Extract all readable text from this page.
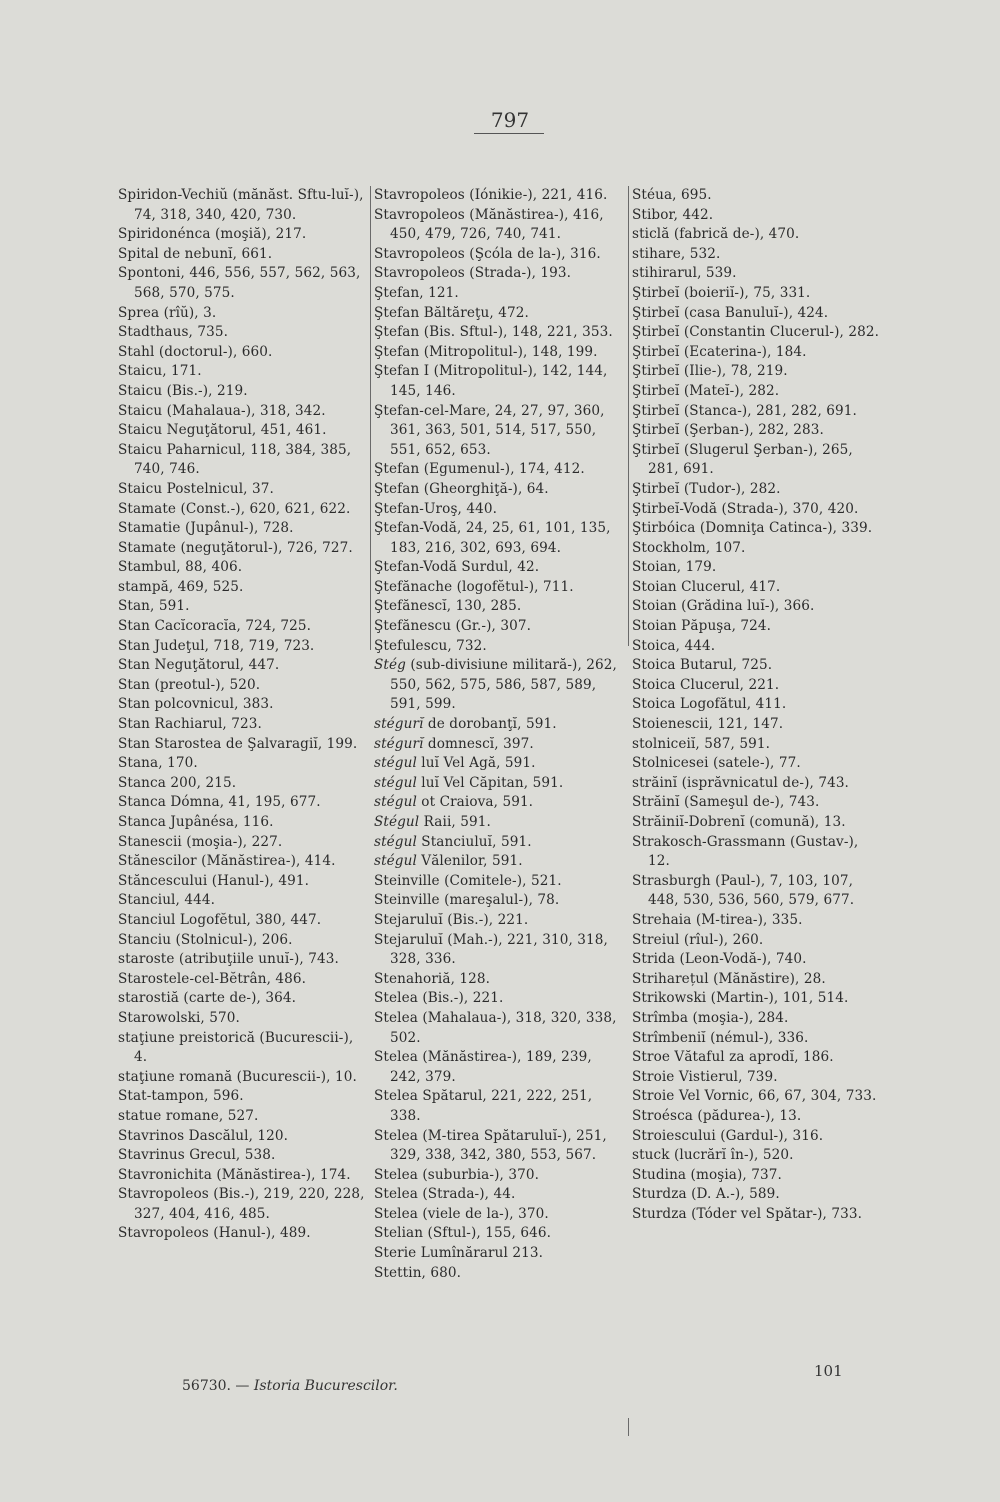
797
Spiridon-Vechiŭ (mănăst. Sftu-luĭ-), 74, 318, 340, 420, 730.
Spiridonénca (moşiă), 217.
Spital de nebunĭ, 661.
Spontoni, 446, 556, 557, 562, 563, 568, 570, 575.
Sprea (rîŭ), 3.
Stadthaus, 735.
Stahl (doctorul-), 660.
Staicu, 171.
Staicu (Bis.-), 219.
Staicu (Mahalaua-), 318, 342.
Staicu Neguţătorul, 451, 461.
Staicu Paharnicul, 118, 384, 385, 740, 746.
Staicu Postelnicul, 37.
Stamate (Const.-), 620, 621, 622.
Stamatie (Jupânul-), 728.
Stamate (neguţătorul-), 726, 727.
Stambul, 88, 406.
stampă, 469, 525.
Stan, 591.
Stan Cacĭcoracĭa, 724, 725.
Stan Judeţul, 718, 719, 723.
Stan Neguţătorul, 447.
Stan (preotul-), 520.
Stan polcovnicul, 383.
Stan Rachiarul, 723.
Stan Starostea de Şalvaragiĭ, 199.
Stana, 170.
Stanca 200, 215.
Stanca Dómna, 41, 195, 677.
Stanca Jupânésa, 116.
Stanescii (moşia-), 227.
Stănescilor (Mănăstirea-), 414.
Stăncescului (Hanul-), 491.
Stanciul, 444.
Stanciul Logofĕtul, 380, 447.
Stanciu (Stolnicul-), 206.
staroste (atribuţiile unuĭ-), 743.
Starostele-cel-Bĕtrân, 486.
starostiă (carte de-), 364.
Starowolski, 570.
staţiune preistorică (Bucurescii-), 4.
staţiune romană (Bucurescii-), 10.
Stat-tampon, 596.
statue romane, 527.
Stavrinos Dascălul, 120.
Stavrinus Grecul, 538.
Stavronichita (Mănăstirea-), 174.
Stavropoleos (Bis.-), 219, 220, 228, 327, 404, 416, 485.
Stavropoleos (Hanul-), 489.
Stavropoleos (Iónikie-), 221, 416.
Stavropoleos (Mănăstirea-), 416, 450, 479, 726, 740, 741.
Stavropoleos (Şcóla de la-), 316.
Stavropoleos (Strada-), 193.
Ştefan, 121.
Ştefan Băltăreţu, 472.
Ştefan (Bis. Sftul-), 148, 221, 353.
Ştefan (Mitropolitul-), 148, 199.
Ştefan I (Mitropolitul-), 142, 144, 145, 146.
Ştefan-cel-Mare, 24, 27, 97, 360, 361, 363, 501, 514, 517, 550, 551, 652, 653.
Ştefan (Egumenul-), 174, 412.
Ştefan (Gheorghiţă-), 64.
Ştefan-Uroş, 440.
Ştefan-Vodă, 24, 25, 61, 101, 135, 183, 216, 302, 693, 694.
Ştefan-Vodă Surdul, 42.
Ştefănache (logofĕtul-), 711.
Ştefănescĭ, 130, 285.
Ştefănescu (Gr.-), 307.
Ştefulescu, 732.
Stég (sub-divisiune militară-), 262, 550, 562, 575, 586, 587, 589, 591, 599.
stégurĭ de dorobanţĭ, 591.
stégurĭ domnescĭ, 397.
stégul luĭ Vel Agă, 591.
stégul luĭ Vel Căpitan, 591.
stégul ot Craiova, 591.
Stégul Raii, 591.
stégul Stanciuluĭ, 591.
stégul Vălenilor, 591.
Steinville (Comitele-), 521.
Steinville (mareşalul-), 78.
Stejaruluĭ (Bis.-), 221.
Stejaruluĭ (Mah.-), 221, 310, 318, 328, 336.
Stenahoriă, 128.
Stelea (Bis.-), 221.
Stelea (Mahalaua-), 318, 320, 338, 502.
Stelea (Mănăstirea-), 189, 239, 242, 379.
Stelea Spătarul, 221, 222, 251, 338.
Stelea (M-tirea Spătaruluĭ-), 251, 329, 338, 342, 380, 553, 567.
Stelea (suburbia-), 370.
Stelea (Strada-), 44.
Stelea (viele de la-), 370.
Stelian (Sftul-), 155, 646.
Sterie Lumînărarul 213.
Stettin, 680.
Stéua, 695.
Stibor, 442.
sticlă (fabrică de-), 470.
stihare, 532.
stihirarul, 539.
Ştirbeĭ (boieriĭ-), 75, 331.
Ştirbeĭ (casa Banuluĭ-), 424.
Ştirbeĭ (Constantin Clucerul-), 282.
Ştirbeĭ (Ecaterina-), 184.
Ştirbeĭ (Ilie-), 78, 219.
Ştirbeĭ (Mateĭ-), 282.
Ştirbeĭ (Stanca-), 281, 282, 691.
Ştirbeĭ (Şerban-), 282, 283.
Ştirbeĭ (Slugerul Şerban-), 265, 281, 691.
Ştirbeĭ (Tudor-), 282.
Ştirbeĭ-Vodă (Strada-), 370, 420.
Ştirbóica (Domniţa Catinca-), 339.
Stockholm, 107.
Stoian, 179.
Stoian Clucerul, 417.
Stoian (Grădina luĭ-), 366.
Stoian Păpuşa, 724.
Stoica, 444.
Stoica Butarul, 725.
Stoica Clucerul, 221.
Stoica Logofătul, 411.
Stoienescii, 121, 147.
stolniceiĭ, 587, 591.
Stolnicesei (satele-), 77.
străinĭ (isprăvnicatul de-), 743.
Străinĭ (Sameşul de-), 743.
Străiniĭ-Dobrenĭ (comună), 13.
Strakosch-Grassmann (Gustav-), 12.
Strasburgh (Paul-), 7, 103, 107, 448, 530, 536, 560, 579, 677.
Strehaia (M-tirea-), 335.
Streiul (rîul-), 260.
Strida (Leon-Vodă-), 740.
Striharețul (Mănăstire), 28.
Strikowski (Martin-), 101, 514.
Strîmba (moşia-), 284.
Strîmbeniĭ (némul-), 336.
Stroe Vătaful za aprodĭ, 186.
Stroie Vistierul, 739.
Stroie Vel Vornic, 66, 67, 304, 733.
Stroésca (pădurea-), 13.
Stroiescului (Gardul-), 316.
stuck (lucrărĭ în-), 520.
Studina (moşia), 737.
Sturdza (D. A.-), 589.
Sturdza (Tóder vel Spătar-), 733.
56730. — Istoria Bucurescilor.
101
